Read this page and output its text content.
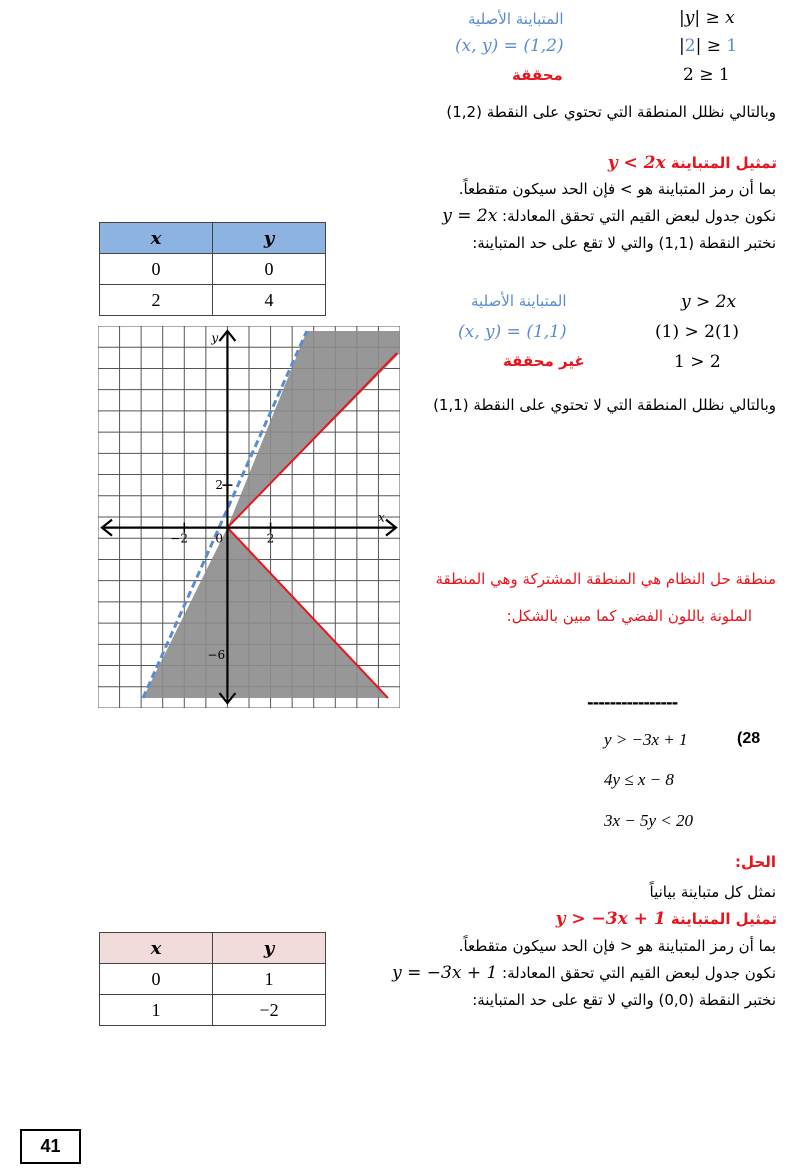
|y| ≥ x
المتباينة الأصلية
|2| ≥ 1
(x, y) = (1,2)
2 ≥ 1
محققة
وبالتالي نظلل المنطقة التي تحتوي على النقطة (1,2)
تمثيل المتباينة y < 2x
بما أن رمز المتباينة هو > فإن الحد سيكون متقطعاً.
نكون جدول لبعض القيم التي تحقق المعادلة: y = 2x
نختبر النقطة (1,1) والتي لا تقع على حد المتباينة:
y > 2x
المتباينة الأصلية
(1) > 2(1)
(x, y) = (1,1)
1 > 2
غير محققة
وبالتالي نظلل المنطقة التي لا تحتوي على النقطة (1,1)
x	y
0	0
2	4
y
x
2
−2 0	2
−6
منطقة حل النظام هي المنطقة المشتركة وهي المنطقة
الملونة باللون الفضي كما مبين بالشكل:
----------------
(28
y > −3x + 1
4y ≤ x − 8
3x − 5y < 20
الحل:
نمثل كل متباينة بيانياً
تمثيل المتباينة y > −3x + 1
بما أن رمز المتباينة هو < فإن الحد سيكون متقطعاً.
نكون جدول لبعض القيم التي تحقق المعادلة: y = −3x + 1
نختبر النقطة (0,0) والتي لا تقع على حد المتباينة:
x	y
0	1
1	−2
41
